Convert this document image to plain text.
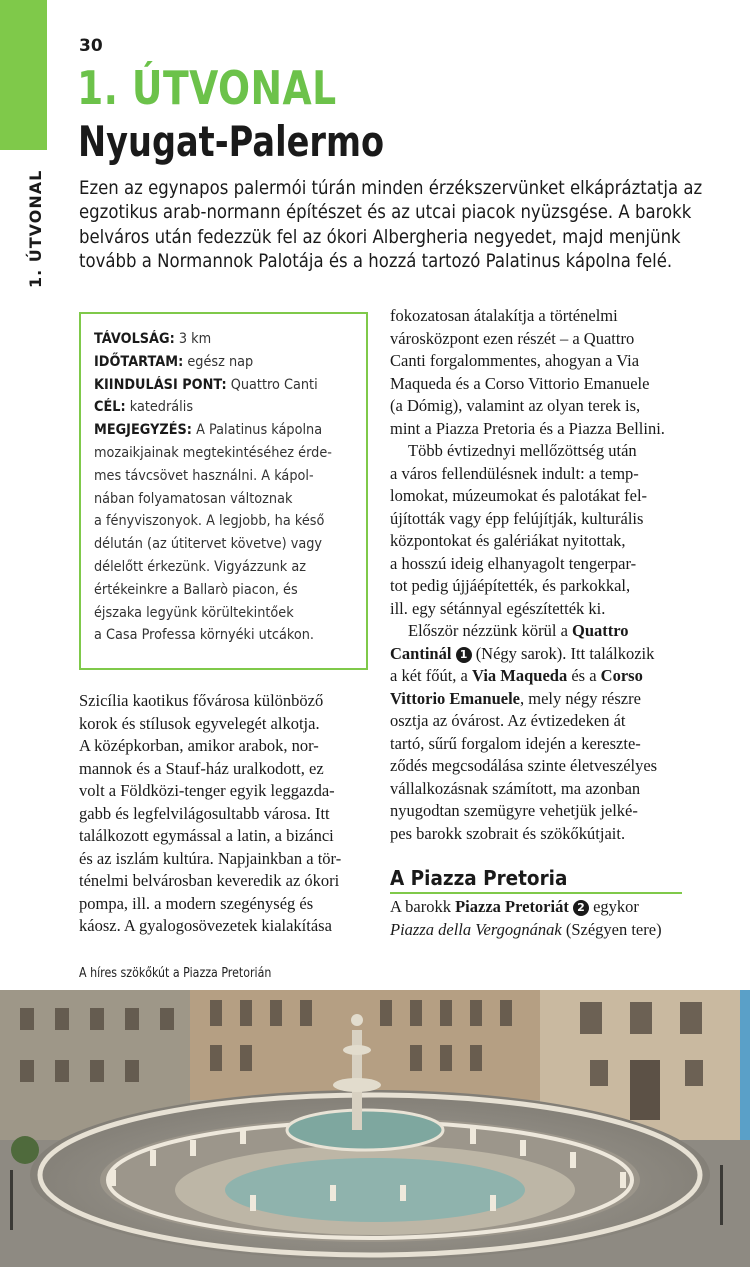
1. ÚTVONAL
30
1. ÚTVONAL
Nyugat-Palermo
Ezen az egynapos palermói túrán minden érzékszervünket elkápráztatja az
egzotikus arab-normann építészet és az utcai piacok nyüzsgése. A barokk
belváros után fedezzük fel az ókori Albergheria negyedet, majd menjünk
tovább a Normannok Palotája és a hozzá tartozó Palatinus kápolna felé.
TÁVOLSÁG: 3 km
IDŐTARTAM: egész nap
KIINDULÁSI PONT: Quattro Canti
CÉL: katedrális
MEGJEGYZÉS: A Palatinus kápolna
mozaikjainak megtekintéséhez érde-
mes távcsövet használni. A kápol-
nában folyamatosan változnak
a fényviszonyok. A legjobb, ha késő
délután (az útitervet követve) vagy
délelőtt érkezünk. Vigyázzunk az
értékeinkre a Ballarò piacon, és
éjszaka legyünk körültekintőek
a Casa Professa környéki utcákon.
Szicília kaotikus fővárosa különböző
korok és stílusok egyvelegét alkotja.
A középkorban, amikor arabok, nor-
mannok és a Stauf-ház uralkodott, ez
volt a Földközi-tenger egyik leggazda-
gabb és legfelvilágosultabb városa. Itt
találkozott egymással a latin, a bizánci
és az iszlám kultúra. Napjainkban a tör-
ténelmi belvárosban keveredik az ókori
pompa, ill. a modern szegénység és
káosz. A gyalogosövezetek kialakítása
fokozatosan átalakítja a történelmi
városközpont ezen részét – a Quattro
Canti forgalommentes, ahogyan a Via
Maqueda és a Corso Vittorio Emanuele
(a Dómig), valamint az olyan terek is,
mint a Piazza Pretoria és a Piazza Bellini.
Több évtizednyi mellőzöttség után
a város fellendülésnek indult: a temp-
lomokat, múzeumokat és palotákat fel-
újították vagy épp felújítják, kulturális
központokat és galériákat nyitottak,
a hosszú ideig elhanyagolt tengerpar-
tot pedig újjáépítették, és parkokkal,
ill. egy sétánnyal egészítették ki.
Először nézzünk körül a Quattro
Cantinál 1 (Négy sarok). Itt találkozik
a két főút, a Via Maqueda és a Corso
Vittorio Emanuele, mely négy részre
osztja az óvárost. Az évtizedeken át
tartó, sűrű forgalom idején a kereszte-
ződés megcsodálása szinte életveszélyes
vállalkozásnak számított, ma azonban
nyugodtan szemügyre vehetjük jelké-
pes barokk szobrait és szökőkútjait.
A Piazza Pretoria
A barokk Piazza Pretoriát 2 egykor
Piazza della Vergognának (Szégyen tere)
A híres szökőkút a Piazza Pretorián
